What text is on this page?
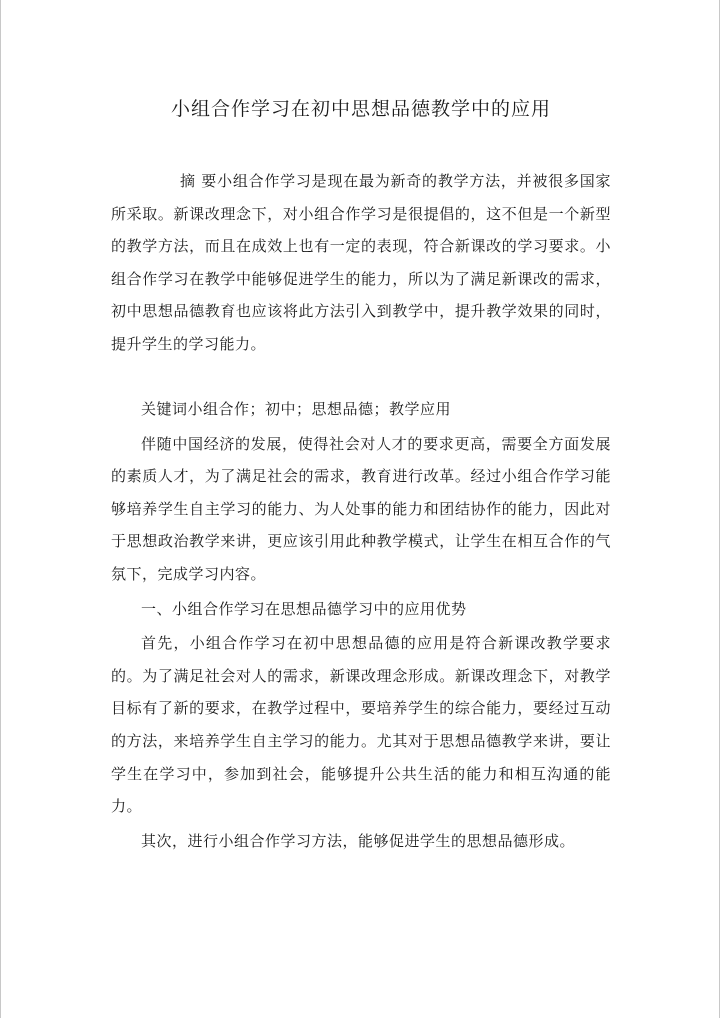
小组合作学习在初中思想品德教学中的应用

摘 要小组合作学习是现在最为新奇的教学方法，并被很多国家所采取。新课改理念下，对小组合作学习是很提倡的，这不但是一个新型的教学方法，而且在成效上也有一定的表现，符合新课改的学习要求。小组合作学习在教学中能够促进学生的能力，所以为了满足新课改的需求，初中思想品德教育也应该将此方法引入到教学中，提升教学效果的同时，提升学生的学习能力。

关键词小组合作；初中；思想品德；教学应用

伴随中国经济的发展，使得社会对人才的要求更高，需要全方面发展的素质人才，为了满足社会的需求，教育进行改革。经过小组合作学习能够培养学生自主学习的能力、为人处事的能力和团结协作的能力，因此对于思想政治教学来讲，更应该引用此种教学模式，让学生在相互合作的气氛下，完成学习内容。

一、小组合作学习在思想品德学习中的应用优势

首先，小组合作学习在初中思想品德的应用是符合新课改教学要求的。为了满足社会对人的需求，新课改理念形成。新课改理念下，对教学目标有了新的要求，在教学过程中，要培养学生的综合能力，要经过互动的方法，来培养学生自主学习的能力。尤其对于思想品德教学来讲，要让学生在学习中，参加到社会，能够提升公共生活的能力和相互沟通的能力。

其次，进行小组合作学习方法，能够促进学生的思想品德形成。
